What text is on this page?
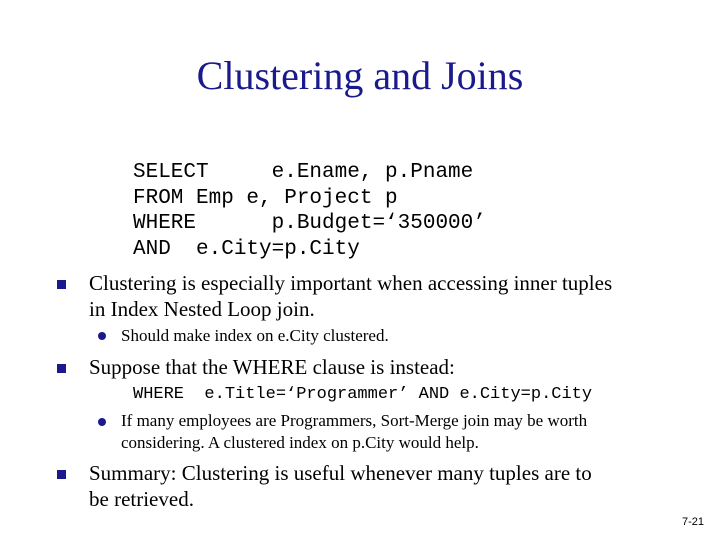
Clustering and Joins
SELECT     e.Ename, p.Pname
FROM Emp e, Project p
WHERE      p.Budget=‘350000’
AND  e.City=p.City
Clustering is especially important when accessing inner tuples
in Index Nested Loop join.
Should make index on e.City clustered.
Suppose that the WHERE clause is instead:
WHERE  e.Title=‘Programmer’ AND e.City=p.City
If many employees are Programmers, Sort-Merge join may be worth
considering. A clustered index on p.City would help.
Summary: Clustering is useful whenever many tuples are to
be retrieved.
7-21
